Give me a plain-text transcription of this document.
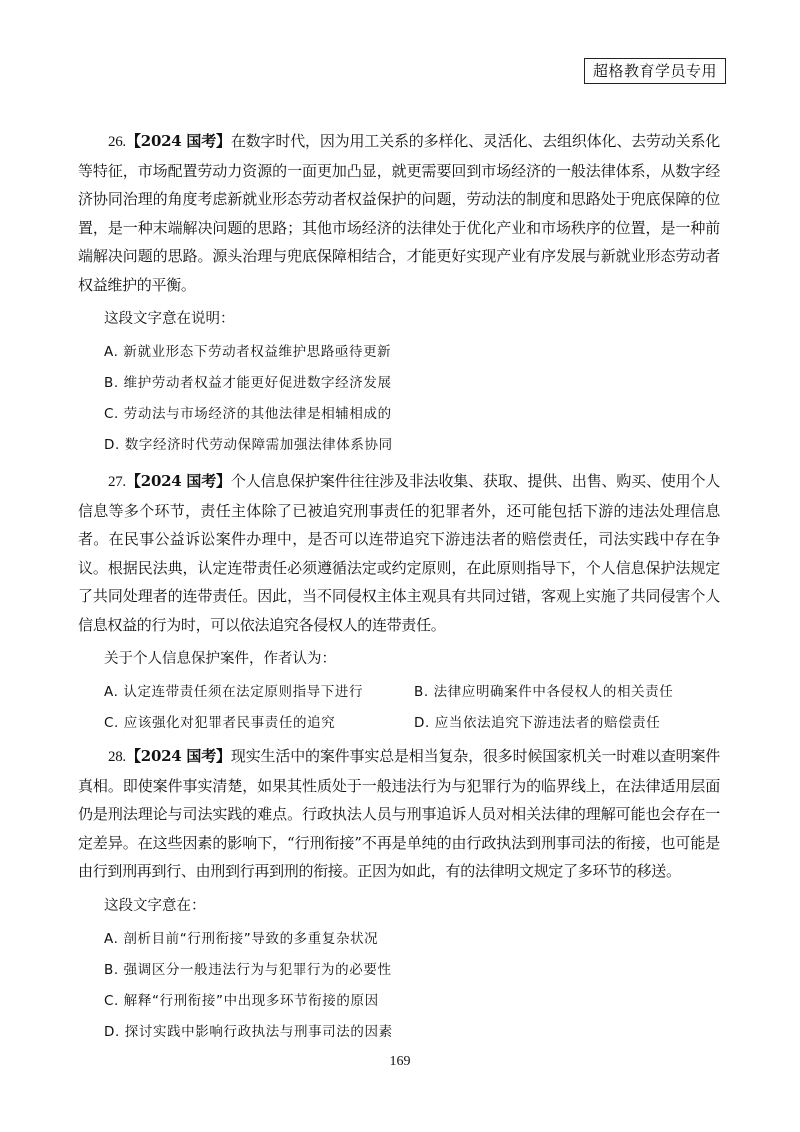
超格教育学员专用

26.【2024 国考】在数字时代，因为用工关系的多样化、灵活化、去组织体化、去劳动关系化等特征，市场配置劳动力资源的一面更加凸显，就更需要回到市场经济的一般法律体系，从数字经济协同治理的角度考虑新就业形态劳动者权益保护的问题，劳动法的制度和思路处于兜底保障的位置，是一种末端解决问题的思路；其他市场经济的法律处于优化产业和市场秩序的位置，是一种前端解决问题的思路。源头治理与兜底保障相结合，才能更好实现产业有序发展与新就业形态劳动者权益维护的平衡。

这段文字意在说明：
A. 新就业形态下劳动者权益维护思路亟待更新
B. 维护劳动者权益才能更好促进数字经济发展
C. 劳动法与市场经济的其他法律是相辅相成的
D. 数字经济时代劳动保障需加强法律体系协同

27.【2024 国考】个人信息保护案件往往涉及非法收集、获取、提供、出售、购买、使用个人信息等多个环节，责任主体除了已被追究刑事责任的犯罪者外，还可能包括下游的违法处理信息者。在民事公益诉讼案件办理中，是否可以连带追究下游违法者的赔偿责任，司法实践中存在争议。根据民法典，认定连带责任必须遵循法定或约定原则，在此原则指导下，个人信息保护法规定了共同处理者的连带责任。因此，当不同侵权主体主观具有共同过错，客观上实施了共同侵害个人信息权益的行为时，可以依法追究各侵权人的连带责任。

关于个人信息保护案件，作者认为：
A. 认定连带责任须在法定原则指导下进行	B. 法律应明确案件中各侵权人的相关责任
C. 应该强化对犯罪者民事责任的追究	D. 应当依法追究下游违法者的赔偿责任

28.【2024 国考】现实生活中的案件事实总是相当复杂，很多时候国家机关一时难以查明案件真相。即使案件事实清楚，如果其性质处于一般违法行为与犯罪行为的临界线上，在法律适用层面仍是刑法理论与司法实践的难点。行政执法人员与刑事追诉人员对相关法律的理解可能也会存在一定差异。在这些因素的影响下，“行刑衔接”不再是单纯的由行政执法到刑事司法的衔接，也可能是由行到刑再到行、由刑到行再到刑的衔接。正因为如此，有的法律明文规定了多环节的移送。

这段文字意在：
A. 剖析目前“行刑衔接”导致的多重复杂状况
B. 强调区分一般违法行为与犯罪行为的必要性
C. 解释“行刑衔接”中出现多环节衔接的原因
D. 探讨实践中影响行政执法与刑事司法的因素
169
